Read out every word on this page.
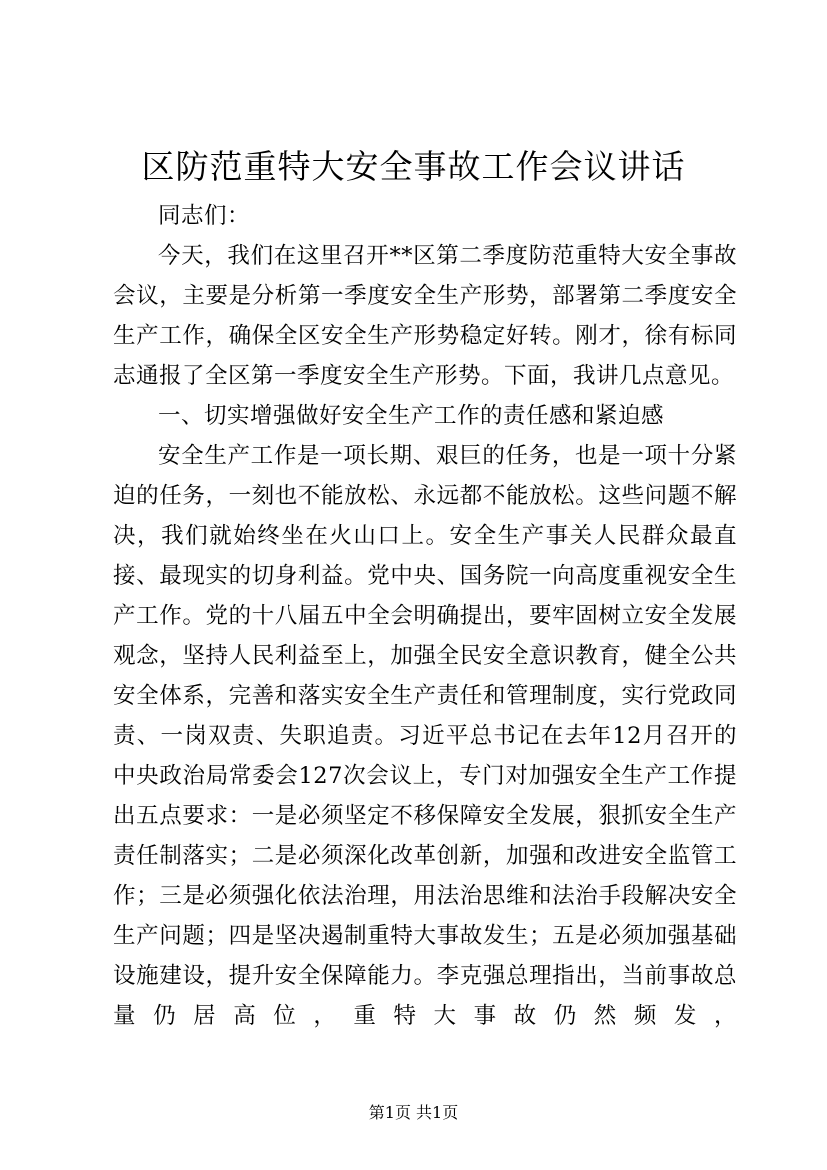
区防范重特大安全事故工作会议讲话

同志们：

今天，我们在这里召开**区第二季度防范重特大安全事故会议，主要是分析第一季度安全生产形势，部署第二季度安全生产工作，确保全区安全生产形势稳定好转。刚才，徐有标同志通报了全区第一季度安全生产形势。下面，我讲几点意见。

一、切实增强做好安全生产工作的责任感和紧迫感

安全生产工作是一项长期、艰巨的任务，也是一项十分紧迫的任务，一刻也不能放松、永远都不能放松。这些问题不解决，我们就始终坐在火山口上。安全生产事关人民群众最直接、最现实的切身利益。党中央、国务院一向高度重视安全生产工作。党的十八届五中全会明确提出，要牢固树立安全发展观念，坚持人民利益至上，加强全民安全意识教育，健全公共安全体系，完善和落实安全生产责任和管理制度，实行党政同责、一岗双责、失职追责。习近平总书记在去年12月召开的中央政治局常委会127次会议上，专门对加强安全生产工作提出五点要求：一是必须坚定不移保障安全发展，狠抓安全生产责任制落实；二是必须深化改革创新，加强和改进安全监管工作；三是必须强化依法治理，用法治思维和法治手段解决安全生产问题；四是坚决遏制重特大事故发生；五是必须加强基础设施建设，提升安全保障能力。李克强总理指出，当前事故总量仍居高位，重特大事故仍然频发，

第1页 共1页
